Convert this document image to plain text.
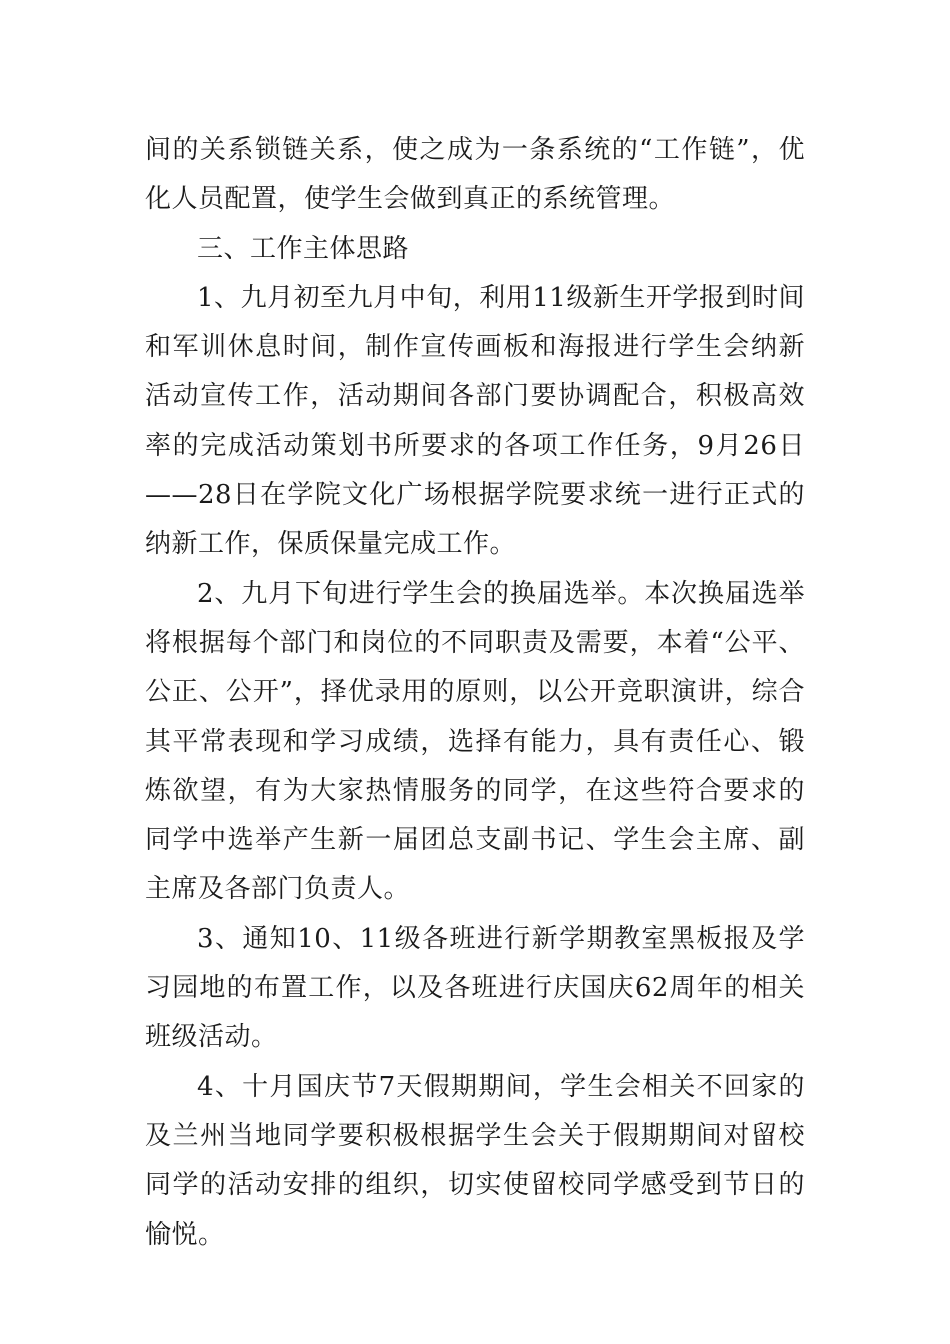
间的关系锁链关系，使之成为一条系统的“工作链”，优化人员配置，使学生会做到真正的系统管理。

三、工作主体思路

1、九月初至九月中旬，利用11级新生开学报到时间和军训休息时间，制作宣传画板和海报进行学生会纳新活动宣传工作，活动期间各部门要协调配合，积极高效率的完成活动策划书所要求的各项工作任务，9月26日——28日在学院文化广场根据学院要求统一进行正式的纳新工作，保质保量完成工作。

2、九月下旬进行学生会的换届选举。本次换届选举将根据每个部门和岗位的不同职责及需要，本着“公平、公正、公开”，择优录用的原则，以公开竞职演讲，综合其平常表现和学习成绩，选择有能力，具有责任心、锻炼欲望，有为大家热情服务的同学，在这些符合要求的同学中选举产生新一届团总支副书记、学生会主席、副主席及各部门负责人。

3、通知10、11级各班进行新学期教室黑板报及学习园地的布置工作，以及各班进行庆国庆62周年的相关班级活动。

4、十月国庆节7天假期期间，学生会相关不回家的及兰州当地同学要积极根据学生会关于假期期间对留校同学的活动安排的组织，切实使留校同学感受到节日的愉悦。
